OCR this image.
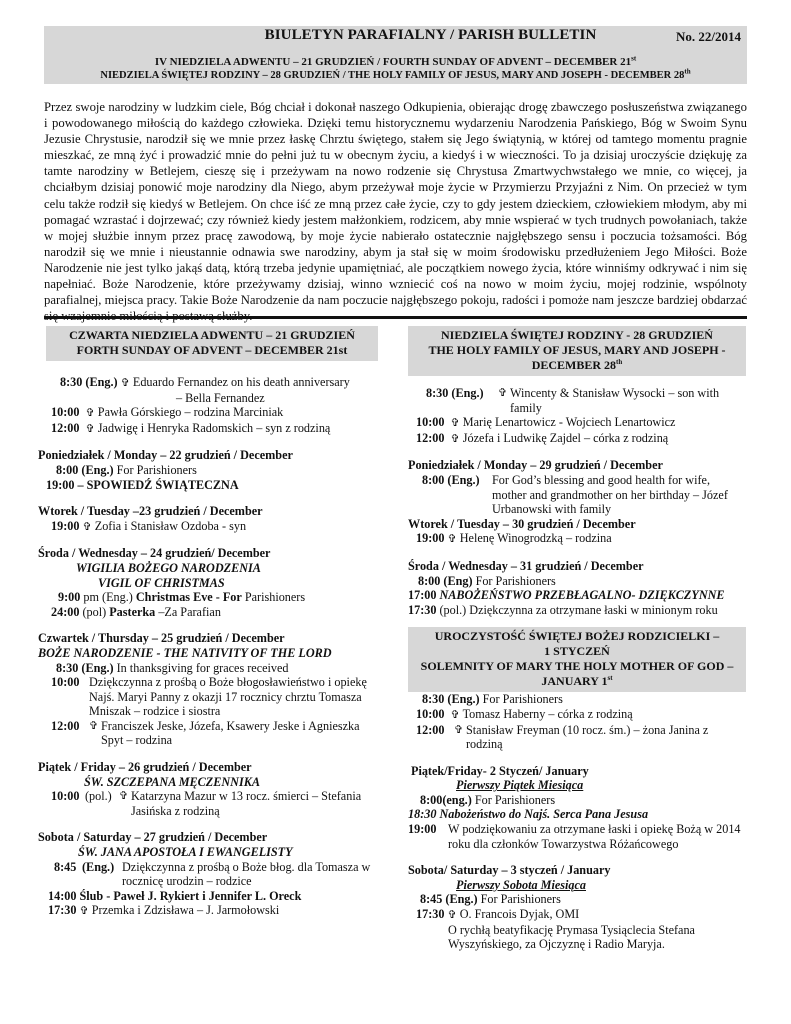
BIULETYN PARAFIALNY / PARISH BULLETIN	No. 22/2014
IV NIEDZIELA ADWENTU – 21 GRUDZIEŃ / FOURTH SUNDAY OF ADVENT – DECEMBER 21st
NIEDZIELA ŚWIĘTEJ RODZINY – 28 GRUDZIEŃ / THE HOLY FAMILY OF JESUS, MARY AND JOSEPH - DECEMBER 28th

Przez swoje narodziny w ludzkim ciele, Bóg chciał i dokonał naszego Odkupienia, obierając drogę zbawczego posłuszeństwa związanego i powodowanego miłością do każdego człowieka. Dzięki temu historycznemu wydarzeniu Narodzenia Pańskiego, Bóg w Swoim Synu Jezusie Chrystusie, narodził się we mnie przez łaskę Chrztu świętego, stałem się Jego świątynią, w której od tamtego momentu pragnie mieszkać, ze mną żyć i prowadzić mnie do pełni już tu w obecnym życiu, a kiedyś i w wieczności. To ja dzisiaj uroczyście dziękuję za tamte narodziny w Betlejem, cieszę się i przeżywam na nowo rodzenie się Chrystusa Zmartwychwstałego we mnie, co więcej, ja chciałbym dzisiaj ponowić moje narodziny dla Niego, abym przeżywał moje życie w Przymierzu Przyjaźni z Nim. On przecież w tym celu także rodził się kiedyś w Betlejem. On chce iść ze mną przez całe życie, czy to gdy jestem dzieckiem, człowiekiem młodym, aby mi pomagać wzrastać i dojrzewać; czy również kiedy jestem małżonkiem, rodzicem, aby mnie wspierać w tych trudnych powołaniach, także w mojej służbie innym przez pracę zawodową, by moje życie nabierało ostatecznie najgłębszego sensu i poczucia tożsamości. Bóg narodził się we mnie i nieustannie odnawia swe narodziny, abym ja stał się w moim środowisku przedłużeniem Jego Miłości. Boże Narodzenie nie jest tylko jakąś datą, którą trzeba jedynie upamiętniać, ale początkiem nowego życia, które winniśmy odkrywać i nim się napełniać. Boże Narodzenie, które przeżywamy dzisiaj, winno wzniecić coś na nowo w moim życiu, mojej rodzinie, wspólnoty parafialnej, miejsca pracy. Takie Boże Narodzenie da nam poczucie najgłębszego pokoju, radości i pomoże nam jeszcze bardziej obdarzać

CZWARTA NIEDZIELA ADWENTU – 21 GRUDZIEŃ
FORTH SUNDAY OF ADVENT – DECEMBER 21st
8:30 (Eng.) ✞ Eduardo Fernandez on his death anniversary
– Bella Fernandez
10:00 ✞ Pawła Górskiego – rodzina Marciniak
12:00 ✞ Jadwigę i Henryka Radomskich – syn z rodziną
Poniedziałek / Monday – 22 grudzień / December
8:00 (Eng.) For Parishioners
19:00 – SPOWIEDŹ ŚWIĄTECZNA
Wtorek / Tuesday –23 grudzień / December
19:00 ✞ Zofia i Stanisław Ozdoba - syn
Środa / Wednesday – 24 grudzień/ December
WIGILIA BOŻEGO NARODZENIA
VIGIL OF CHRISTMAS
9:00 pm (Eng.) Christmas Eve - For Parishioners
24:00 (pol) Pasterka –Za Parafian
Czwartek / Thursday – 25 grudzień / December
BOŻE NARODZENIE - THE NATIVITY OF THE LORD
8:30 (Eng.) In thanksgiving for graces received
10:00 Dziękczynna z prośbą o Boże błogosławieństwo i opiekę Najś. Maryi Panny z okazji 17 rocznicy chrztu Tomasza Mniszak – rodzice i siostra
12:00 ✞ Franciszek Jeske, Józefa, Ksawery Jeske i Agnieszka Spyt – rodzina
Piątek / Friday – 26 grudzień / December
ŚW. SZCZEPANA MĘCZENNIKA
10:00 (pol.) ✞ Katarzyna Mazur w 13 rocz. śmierci – Stefania Jasińska z rodziną
Sobota / Saturday – 27 grudzień / December
ŚW. JANA APOSTOŁA I EWANGELISTY
8:45 (Eng.) Dziękczynna z prośbą o Boże błog. dla Tomasza w rocznicę urodzin – rodzice
14:00 Ślub - Paweł J. Rykiert i Jennifer L. Oreck
17:30 ✞ Przemka i Zdzisława – J. Jarmołowski
NIEDZIELA ŚWIĘTEJ RODZINY - 28 GRUDZIEŃ
THE HOLY FAMILY OF JESUS, MARY AND JOSEPH -
DECEMBER 28th
8:30 (Eng.)	✞ Wincenty & Stanisław Wysocki – son with family
10:00 ✞ Marię Lenartowicz - Wojciech Lenartowicz
12:00 ✞ Józefa i Ludwikę Zajdel – córka z rodziną
Poniedziałek / Monday – 29 grudzień / December
8:00 (Eng.)	For God’s blessing and good health for wife, mother and grandmother on her birthday – Józef Urbanowski with family
Wtorek / Tuesday – 30 grudzień / December
19:00 ✞ Helenę Winogrodzką – rodzina
Środa / Wednesday – 31 grudzień / December
8:00 (Eng) For Parishioners
17:00 NABOŻEŃSTWO PRZEBŁAGALNO- DZIĘKCZYNNE
17:30 (pol.) Dziękczynna za otrzymane łaski w minionym roku
UROCZYSTOŚĆ ŚWIĘTEJ BOŻEJ RODZICIELKI –
1 STYCZEŃ
SOLEMNITY OF MARY THE HOLY MOTHER OF GOD –
JANUARY 1st
8:30 (Eng.) For Parishioners
10:00 ✞ Tomasz Haberny – córka z rodziną
12:00 ✞ Stanisław Freyman (10 rocz. śm.) – żona Janina z rodziną
Piątek/Friday- 2 Styczeń/ January
Pierwszy Piątek Miesiąca
8:00(eng.) For Parishioners
18:30 Nabożeństwo do Najś. Serca Pana Jesusa
19:00 W podziękowaniu za otrzymane łaski i opiekę Bożą w 2014 roku dla członków Towarzystwa Różańcowego
Sobota/ Saturday – 3 styczeń / January
Pierwszy Sobota Miesiąca
8:45 (Eng.) For Parishioners
17:30 ✞ O. Francois Dyjak, OMI
O rychłą beatyfikację Prymasa Tysiąclecia Stefana Wyszyńskiego, za Ojczyznę i Radio Maryja.
